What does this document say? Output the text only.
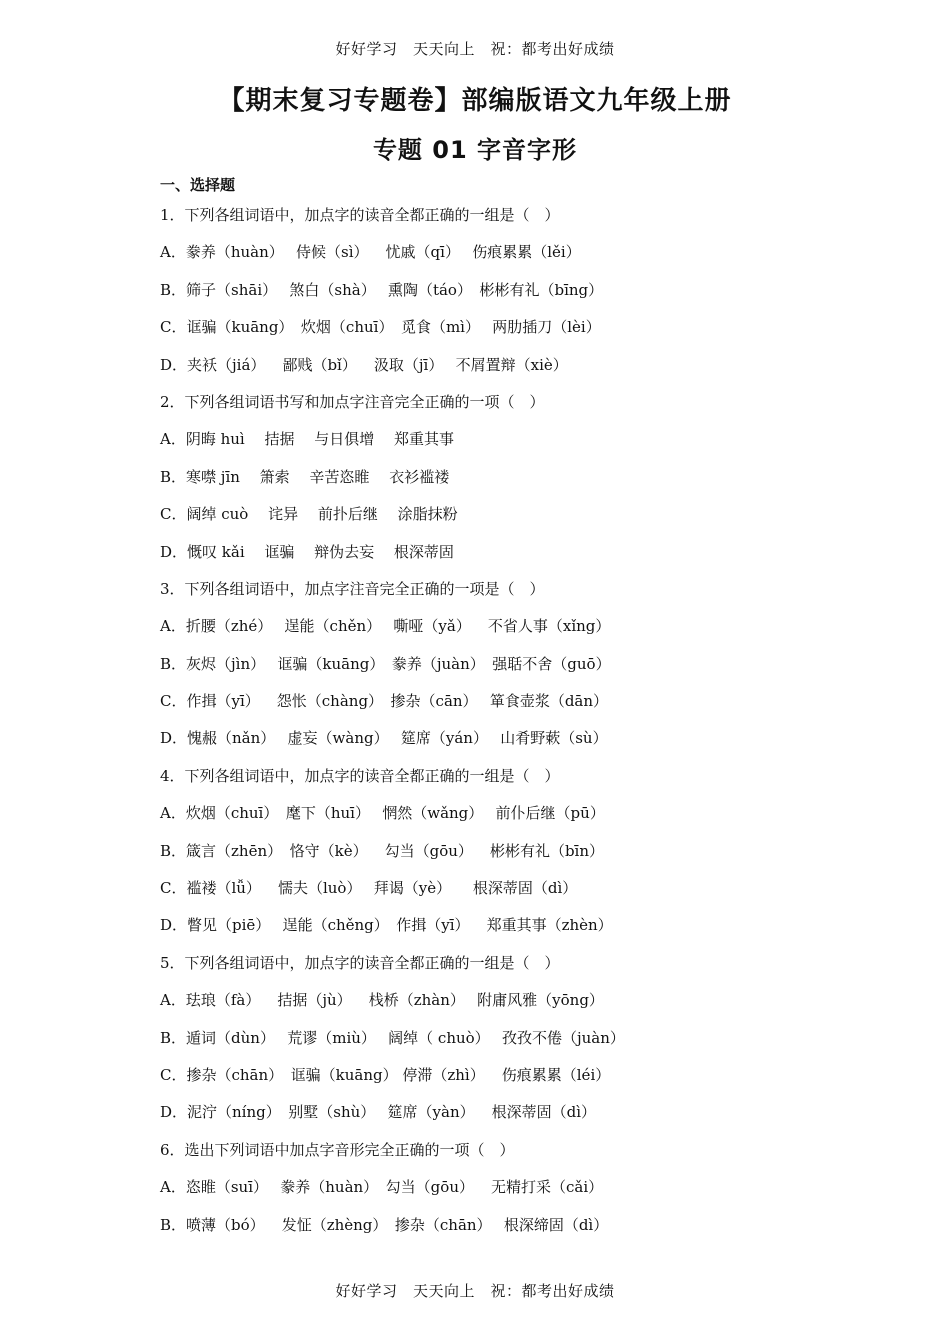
好好学习　天天向上　祝：都考出好成绩
【期末复习专题卷】部编版语文九年级上册
专题 01 字音字形
一、选择题
1．下列各组词语中，加点字的读音全都正确的一组是（　）
A．豢养（huàn）　 侍候（sì）　  忧戚（qī）　 伤痕累累（lěi）
B．筛子（shāi）　 煞白（shà）　 熏陶（táo）　彬彬有礼（bīng）
C．诓骗（kuāng）　炊烟（chuī）　觅食（mì）　 两肋插刀（lèi）
D．夹袄（jiá）　  鄙贱（bǐ）　  汲取（jī）　 不屑置辩（xiè）
2．下列各组词语书写和加点字注音完全正确的一项（　）
A．阴晦 huì　 拮据　 与日俱增　 郑重其事
B．寒噤 jīn　 箫索　 辛苦恣睢　 衣衫褴褛
C．阔绰 cuò　 诧异　 前扑后继　 涂脂抹粉
D．慨叹 kǎi　 诓骗　 辩伪去妄　 根深蒂固
3．下列各组词语中，加点字注音完全正确的一项是（　）
A．折腰（zhé）　 逞能（chěn）　 嘶哑（yǎ）　  不省人事（xǐng）
B．灰烬（jìn）　 诓骗（kuāng）　豢养（juàn）　强聒不舍（guō）
C．作揖（yī）　  怨怅（chàng）　掺杂（cān）　 箪食壶浆（dān）
D．愧赧（nǎn）　 虚妄（wàng）　 筵席（yán）　 山肴野蔌（sù）
4．下列各组词语中，加点字的读音全都正确的一组是（　）
A．炊烟（chuī）　麾下（huī）　 惘然（wǎng）　 前仆后继（pū）
B．箴言（zhēn）　恪守（kè）　  勾当（gōu）　  彬彬有礼（bīn）
C．褴褛（lǚ）　  懦夫（luò）　 拜谒（yè）　   根深蒂固（dì）
D．瞥见（piē）　 逞能（chěng）　作揖（yī）　  郑重其事（zhèn）
5．下列各组词语中，加点字的读音全都正确的一组是（　）
A．珐琅（fà）　  拮据（jù）　  栈桥（zhàn）　 附庸风雅（yōng）
B．遁词（dùn）　 荒谬（miù）　 阔绰（ chuò）　 孜孜不倦（juàn）
C．掺杂（chān）　诓骗（kuāng） 停滞（zhì）　  伤痕累累（léi）
D．泥泞（níng）　别墅（shù）　 筵席（yàn）　  根深蒂固（dì）
6．选出下列词语中加点字音形完全正确的一项（　）
A．恣睢（suī）　 豢养（huàn）　勾当（gōu）　  无精打采（cǎi）
B．喷薄（bó）　  发怔（zhèng）　掺杂（chān）　 根深缔固（dì）
好好学习　天天向上　祝：都考出好成绩
